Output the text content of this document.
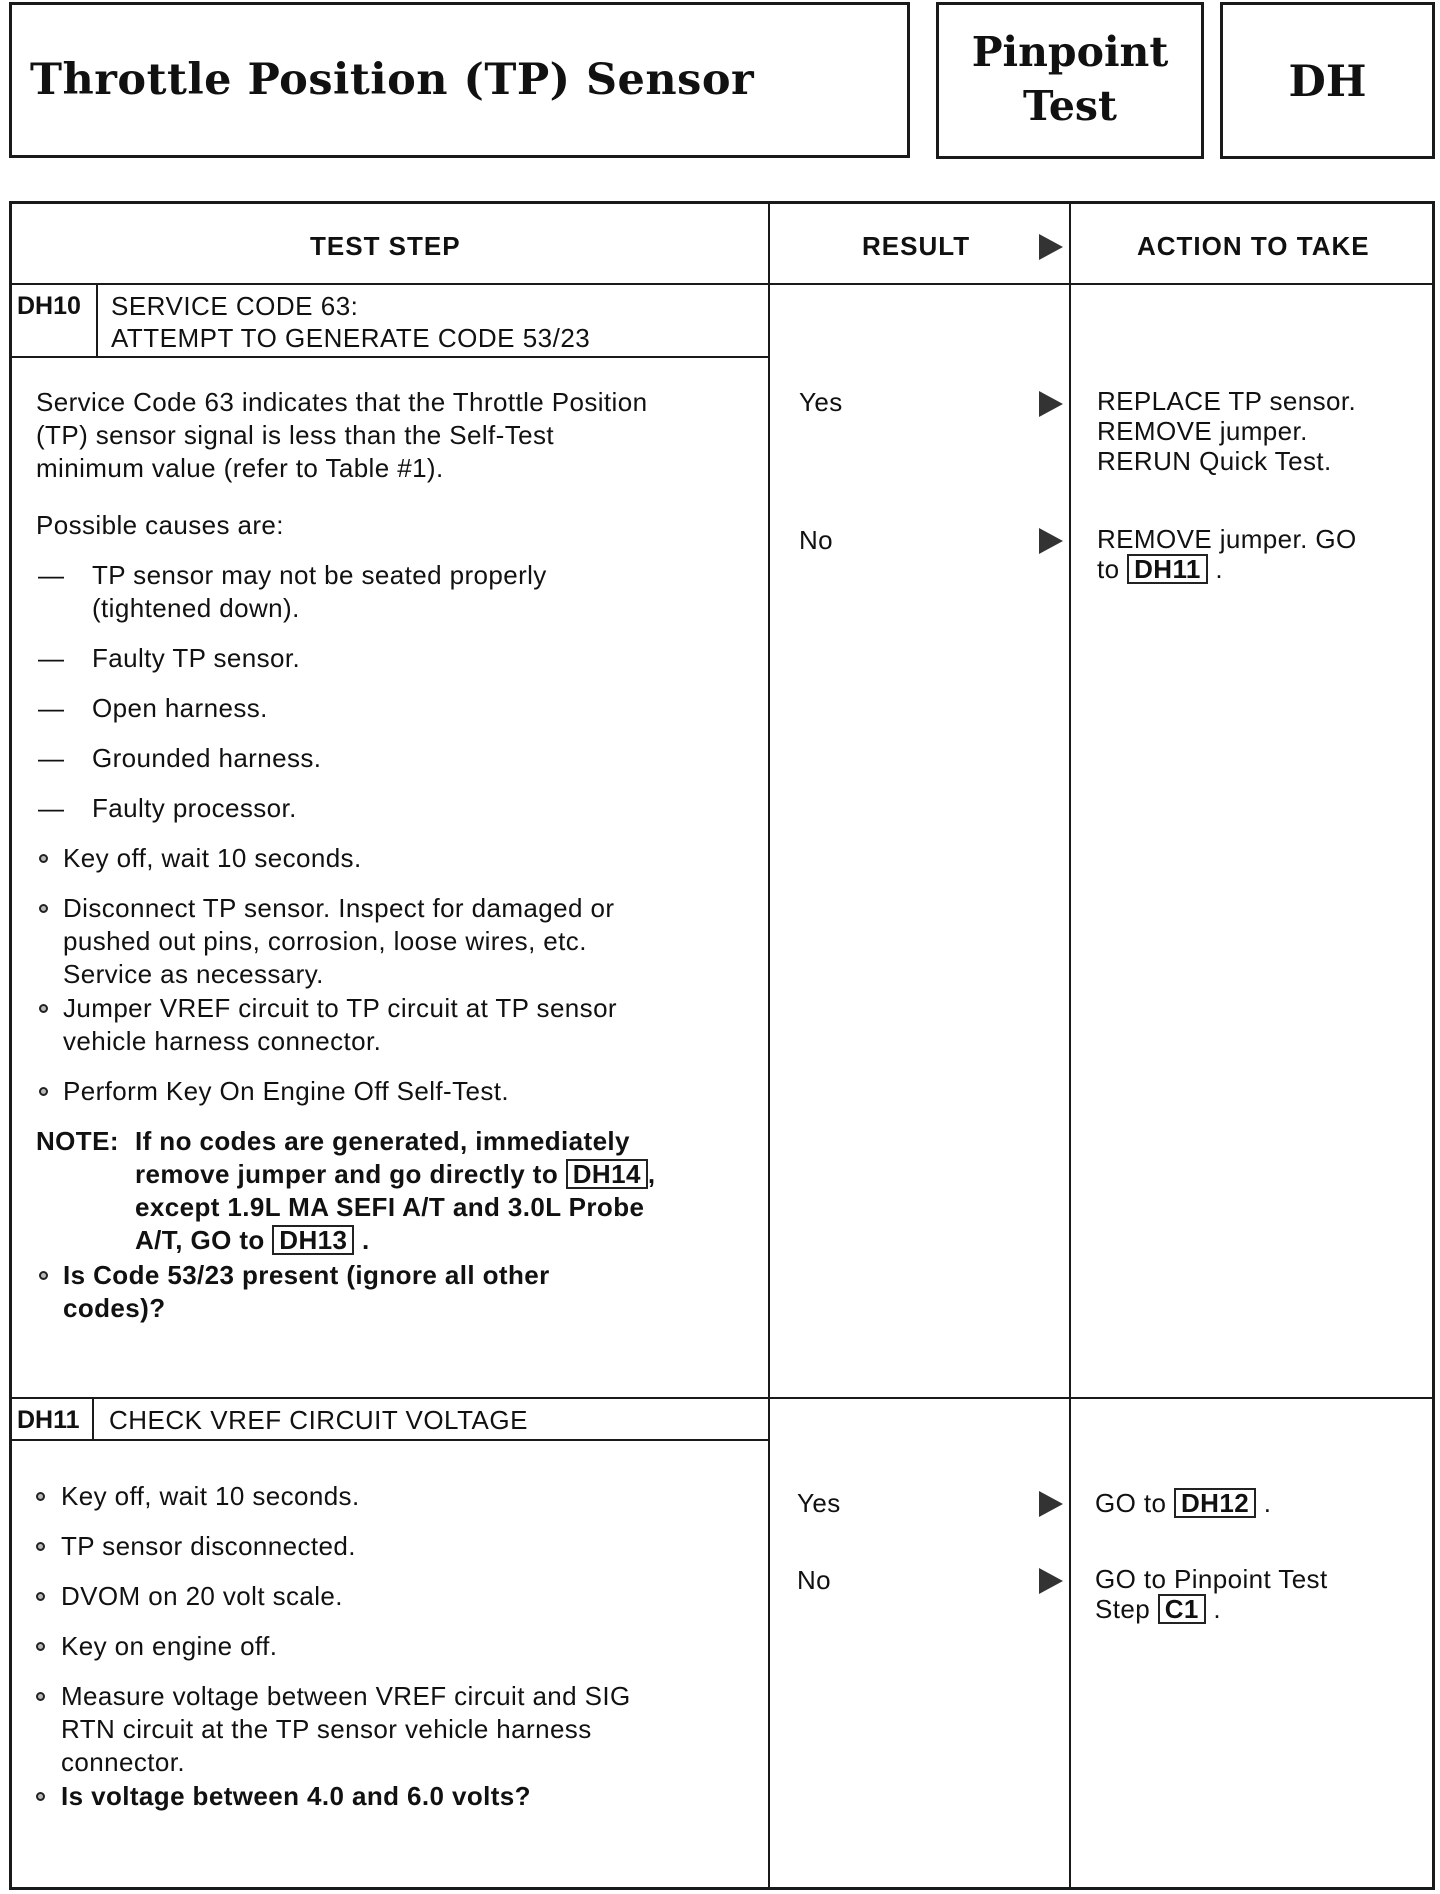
Throttle Position (TP) Sensor
Pinpoint
Test	DH
TEST STEP	RESULT	ACTION TO TAKE
DH10 SERVICE CODE 63:
ATTEMPT TO GENERATE CODE 53/23
Service Code 63 indicates that the Throttle Position
(TP) sensor signal is less than the Self-Test
minimum value (refer to Table #1).
Possible causes are:
— TP sensor may not be seated properly
(tightened down).
— Faulty TP sensor.
— Open harness.
— Grounded harness.
— Faulty processor.
Key off, wait 10 seconds.
Disconnect TP sensor. Inspect for damaged or
pushed out pins, corrosion, loose wires, etc.
Service as necessary.
Jumper VREF circuit to TP circuit at TP sensor
vehicle harness connector.
Perform Key On Engine Off Self-Test.
NOTE: If no codes are generated, immediately
remove jumper and go directly to DH14 ,
except 1.9L MA SEFI A/T and 3.0L Probe
A/T, GO to DH13 .
Is Code 53/23 present (ignore all other
codes)?
Yes	REPLACE TP sensor.
REMOVE jumper.
RERUN Quick Test.
No	REMOVE jumper. GO
to DH11 .
DH11 CHECK VREF CIRCUIT VOLTAGE
Key off, wait 10 seconds.
TP sensor disconnected.
DVOM on 20 volt scale.
Key on engine off.
Measure voltage between VREF circuit and SIG
RTN circuit at the TP sensor vehicle harness
connector.
Is voltage between 4.0 and 6.0 volts?
Yes	GO to DH12 .
No	GO to Pinpoint Test
Step C1 .
